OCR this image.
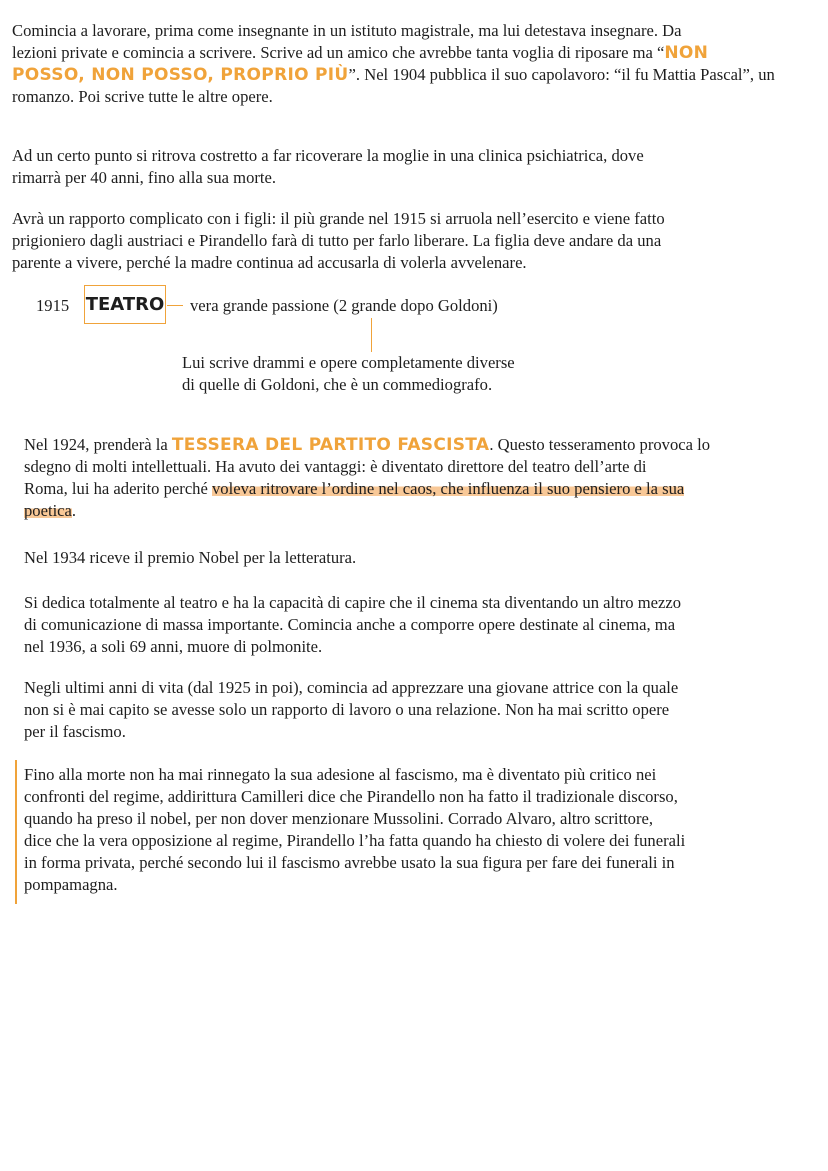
Comincia a lavorare, prima come insegnante in un istituto magistrale, ma lui detestava insegnare. Da
lezioni private e comincia a scrivere. Scrive ad un amico che avrebbe tanta voglia di riposare ma “NON
POSSO, NON POSSO, PROPRIO PIÙ”. Nel 1904 pubblica il suo capolavoro: “il fu Mattia Pascal”, un
romanzo. Poi scrive tutte le altre opere.
Ad un certo punto si ritrova costretto a far ricoverare la moglie in una clinica psichiatrica, dove
rimarrà per 40 anni, fino alla sua morte.
Avrà un rapporto complicato con i figli: il più grande nel 1915 si arruola nell’esercito e viene fatto
prigioniero dagli austriaci e Pirandello farà di tutto per farlo liberare. La figlia deve andare da una
parente a vivere, perché la madre continua ad accusarla di volerla avvelenare.
1915 TEATRO vera grande passione (2 grande dopo Goldoni)
Lui scrive drammi e opere completamente diverse
di quelle di Goldoni, che è un commediografo.
Nel 1924, prenderà la TESSERA DEL PARTITO FASCISTA. Questo tesseramento provoca lo
sdegno di molti intellettuali. Ha avuto dei vantaggi: è diventato direttore del teatro dell’arte di
Roma, lui ha aderito perché voleva ritrovare l’ordine nel caos, che influenza il suo pensiero e la sua
poetica.
Nel 1934 riceve il premio Nobel per la letteratura.
Si dedica totalmente al teatro e ha la capacità di capire che il cinema sta diventando un altro mezzo
di comunicazione di massa importante. Comincia anche a comporre opere destinate al cinema, ma
nel 1936, a soli 69 anni, muore di polmonite.
Negli ultimi anni di vita (dal 1925 in poi), comincia ad apprezzare una giovane attrice con la quale
non si è mai capito se avesse solo un rapporto di lavoro o una relazione. Non ha mai scritto opere
per il fascismo.
Fino alla morte non ha mai rinnegato la sua adesione al fascismo, ma è diventato più critico nei
confronti del regime, addirittura Camilleri dice che Pirandello non ha fatto il tradizionale discorso,
quando ha preso il nobel, per non dover menzionare Mussolini. Corrado Alvaro, altro scrittore,
dice che la vera opposizione al regime, Pirandello l’ha fatta quando ha chiesto di volere dei funerali
in forma privata, perché secondo lui il fascismo avrebbe usato la sua figura per fare dei funerali in
pompamagna.
